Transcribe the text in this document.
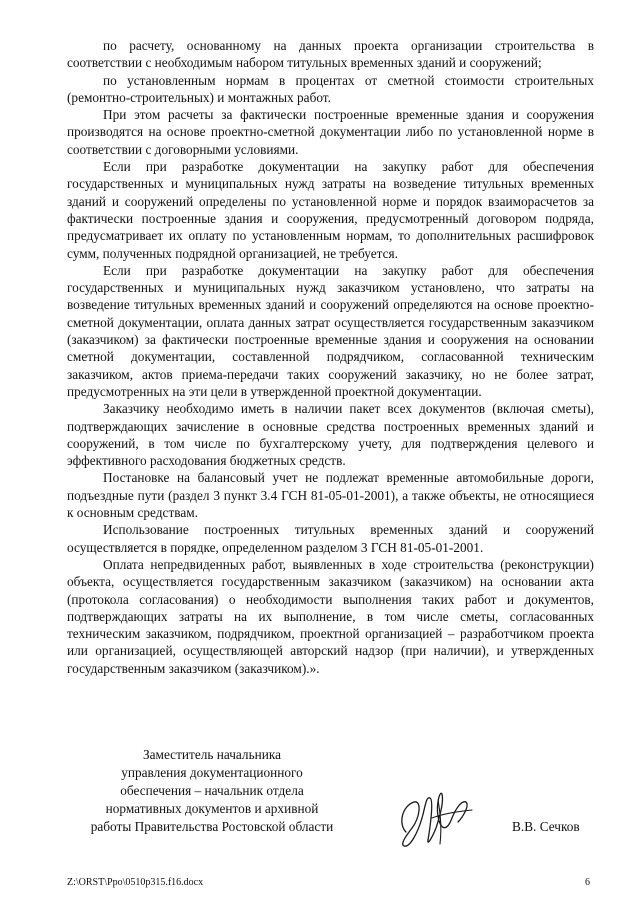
по расчету, основанному на данных проекта организации строительства в соответствии с необходимым набором титульных временных зданий и сооружений;

по установленным нормам в процентах от сметной стоимости строительных (ремонтно-строительных) и монтажных работ.

При этом расчеты за фактически построенные временные здания и сооружения производятся на основе проектно-сметной документации либо по установленной норме в соответствии с договорными условиями.

Если при разработке документации на закупку работ для обеспечения государственных и муниципальных нужд затраты на возведение титульных временных зданий и сооружений определены по установленной норме и порядок взаиморасчетов за фактически построенные здания и сооружения, предусмотренный договором подряда, предусматривает их оплату по установленным нормам, то дополнительных расшифровок сумм, полученных подрядной организацией, не требуется.

Если при разработке документации на закупку работ для обеспечения государственных и муниципальных нужд заказчиком установлено, что затраты на возведение титульных временных зданий и сооружений определяются на основе проектно-сметной документации, оплата данных затрат осуществляется государственным заказчиком (заказчиком) за фактически построенные временные здания и сооружения на основании сметной документации, составленной подрядчиком, согласованной техническим заказчиком, актов приема-передачи таких сооружений заказчику, но не более затрат, предусмотренных на эти цели в утвержденной проектной документации.

Заказчику необходимо иметь в наличии пакет всех документов (включая сметы), подтверждающих зачисление в основные средства построенных временных зданий и сооружений, в том числе по бухгалтерскому учету, для подтверждения целевого и эффективного расходования бюджетных средств.

Постановке на балансовый учет не подлежат временные автомобильные дороги, подъездные пути (раздел 3 пункт 3.4 ГСН 81-05-01-2001), а также объекты, не относящиеся к основным средствам.

Использование построенных титульных временных зданий и сооружений осуществляется в порядке, определенном разделом 3 ГСН 81-05-01-2001.

Оплата непредвиденных работ, выявленных в ходе строительства (реконструкции) объекта, осуществляется государственным заказчиком (заказчиком) на основании акта (протокола согласования) о необходимости выполнения таких работ и документов, подтверждающих затраты на их выполнение, в том числе сметы, согласованных техническим заказчиком, подрядчиком, проектной организацией – разработчиком проекта или организацией, осуществляющей авторский надзор (при наличии), и утвержденных государственным заказчиком (заказчиком).».

Заместитель начальника
управления документационного
обеспечения – начальник отдела
нормативных документов и архивной
работы Правительства Ростовской области	В.В. Сечков
Z:\ORST\Ppo\0510p315.f16.docx	6
